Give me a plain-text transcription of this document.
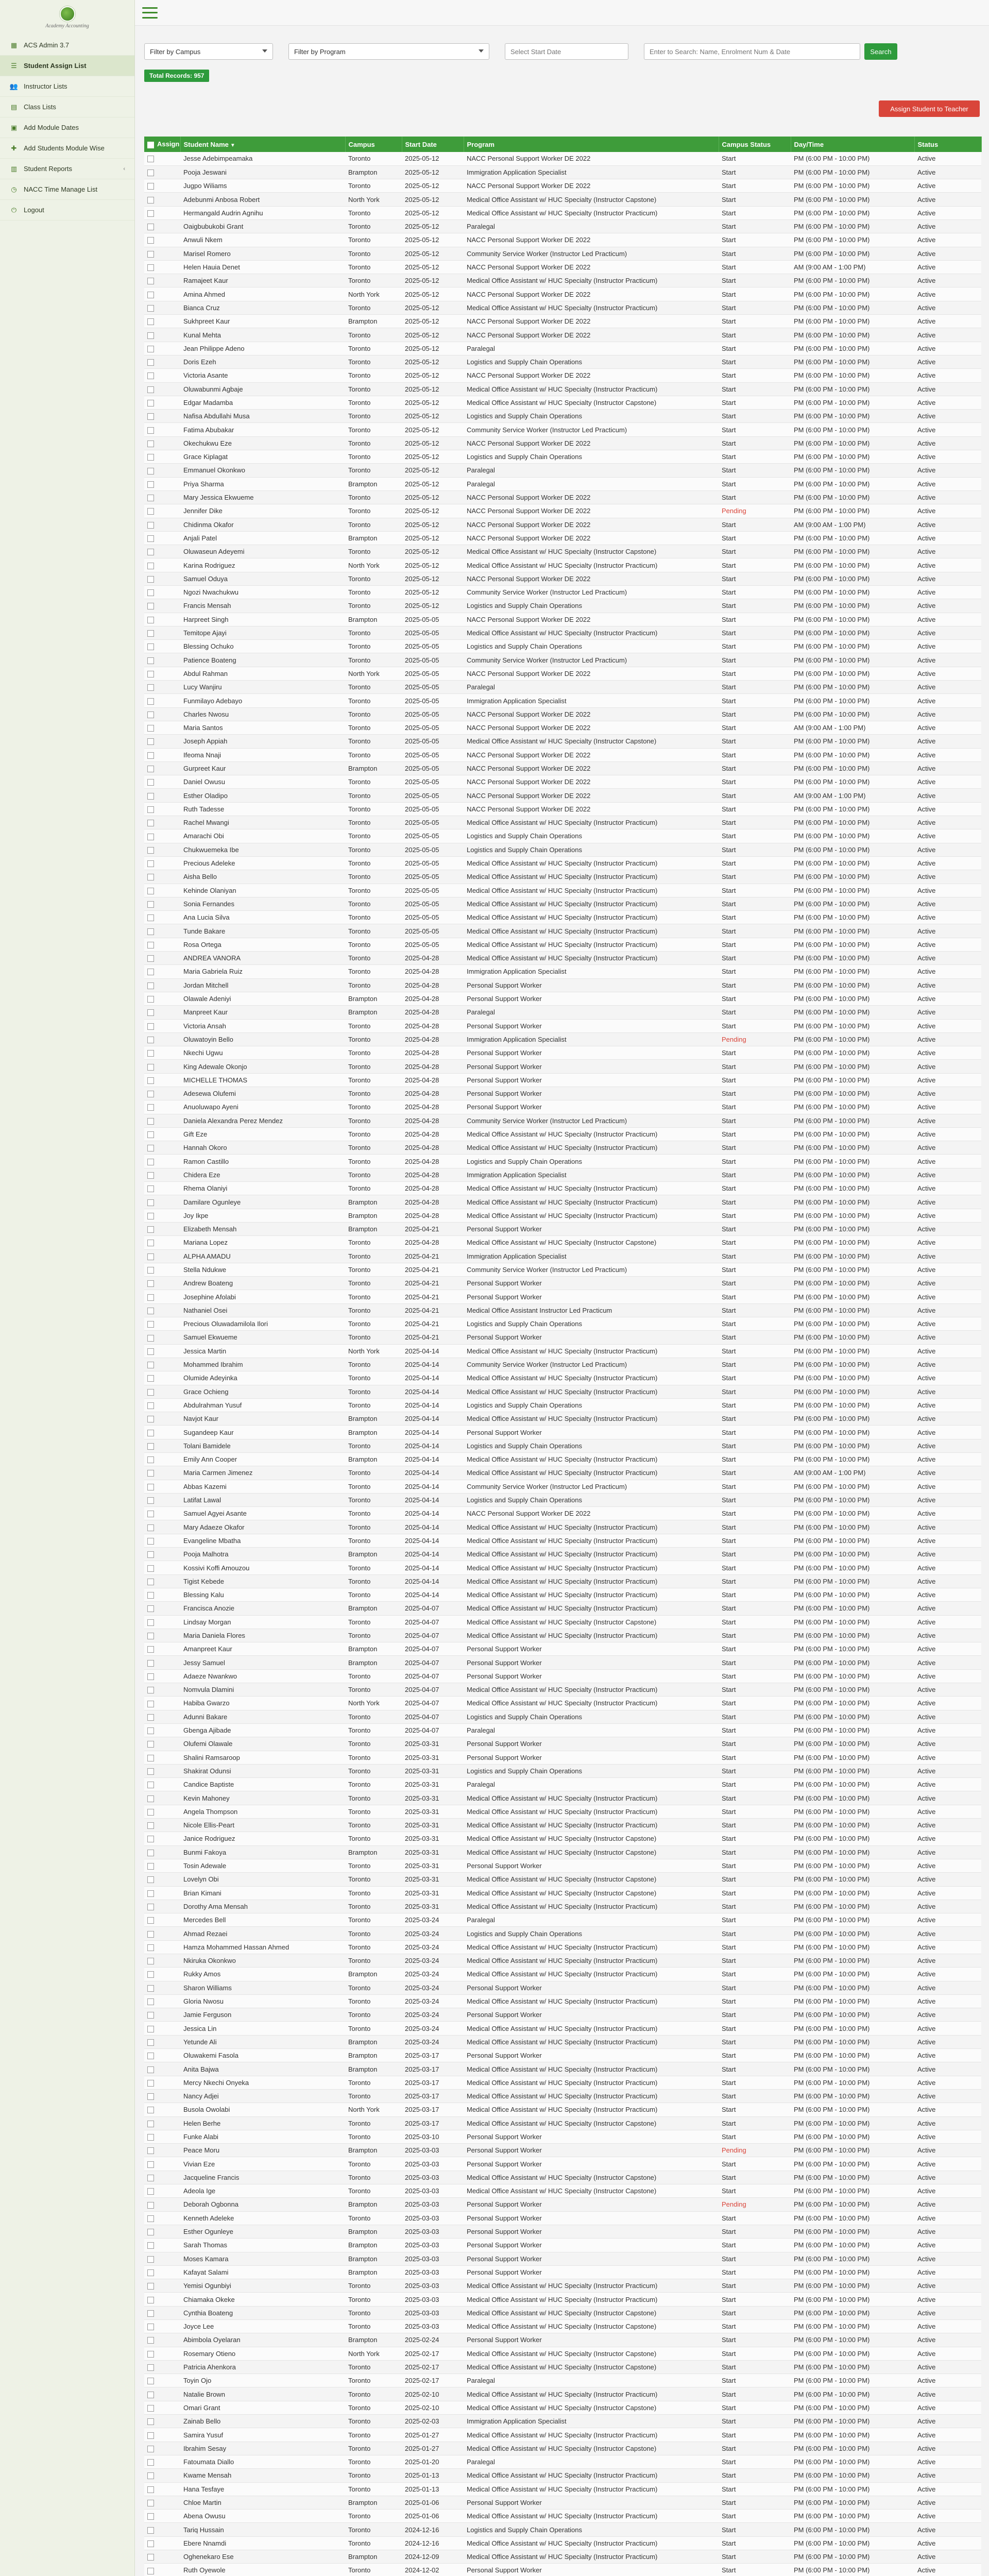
Academy Accounting
▦ ACS Admin 3.7
☰ Student Assign List
👥 Instructor Lists
▤ Class Lists
▣ Add Module Dates
✚ Add Students Module Wise
▥ Student Reports	‹
◷ NACC Time Manage List
⏻ Logout
Filter by Campus	Filter by Program
Select Start Date
Enter to Search: Name, Enrolment Num & Date	Search
Total Records: 957
Assign Student to Teacher
Assign	Student Name ▼	Campus	Start Date	Program	Campus Status	Day/Time	Status
	Jesse Adebimpeamaka	Toronto	2025-05-12	NACC Personal Support Worker DE 2022	Start	PM (6:00 PM - 10:00 PM)	Active
	Pooja Jeswani	Brampton	2025-05-12	Immigration Application Specialist	Start	PM (6:00 PM - 10:00 PM)	Active
	Jugpo Wiliams	Toronto	2025-05-12	NACC Personal Support Worker DE 2022	Start	PM (6:00 PM - 10:00 PM)	Active
	Adebunmi Anbosa Robert	North York	2025-05-12	Medical Office Assistant w/ HUC Specialty (Instructor Capstone)	Start	PM (6:00 PM - 10:00 PM)	Active
	Hermangald Audrin Agnihu	Toronto	2025-05-12	Medical Office Assistant w/ HUC Specialty (Instructor Practicum)	Start	PM (6:00 PM - 10:00 PM)	Active
	Oaigbubukobi Grant	Toronto	2025-05-12	Paralegal	Start	PM (6:00 PM - 10:00 PM)	Active
	Anwuli Nkem	Toronto	2025-05-12	NACC Personal Support Worker DE 2022	Start	PM (6:00 PM - 10:00 PM)	Active
	Marisel Romero	Toronto	2025-05-12	Community Service Worker (Instructor Led Practicum)	Start	PM (6:00 PM - 10:00 PM)	Active
	Helen Hauia Denet	Toronto	2025-05-12	NACC Personal Support Worker DE 2022	Start	AM (9:00 AM - 1:00 PM)	Active
	Ramajeet Kaur	Toronto	2025-05-12	Medical Office Assistant w/ HUC Specialty (Instructor Practicum)	Start	PM (6:00 PM - 10:00 PM)	Active
	Amina Ahmed	North York	2025-05-12	NACC Personal Support Worker DE 2022	Start	PM (6:00 PM - 10:00 PM)	Active
	Bianca Cruz	Toronto	2025-05-12	Medical Office Assistant w/ HUC Specialty (Instructor Practicum)	Start	PM (6:00 PM - 10:00 PM)	Active
	Sukhpreet Kaur	Brampton	2025-05-12	NACC Personal Support Worker DE 2022	Start	PM (6:00 PM - 10:00 PM)	Active
	Kunal Mehta	Toronto	2025-05-12	NACC Personal Support Worker DE 2022	Start	PM (6:00 PM - 10:00 PM)	Active
	Jean Philippe Adeno	Toronto	2025-05-12	Paralegal	Start	PM (6:00 PM - 10:00 PM)	Active
	Doris Ezeh	Toronto	2025-05-12	Logistics and Supply Chain Operations	Start	PM (6:00 PM - 10:00 PM)	Active
	Victoria Asante	Toronto	2025-05-12	NACC Personal Support Worker DE 2022	Start	PM (6:00 PM - 10:00 PM)	Active
	Oluwabunmi Agbaje	Toronto	2025-05-12	Medical Office Assistant w/ HUC Specialty (Instructor Practicum)	Start	PM (6:00 PM - 10:00 PM)	Active
	Edgar Madamba	Toronto	2025-05-12	Medical Office Assistant w/ HUC Specialty (Instructor Capstone)	Start	PM (6:00 PM - 10:00 PM)	Active
	Nafisa Abdullahi Musa	Toronto	2025-05-12	Logistics and Supply Chain Operations	Start	PM (6:00 PM - 10:00 PM)	Active
	Fatima Abubakar	Toronto	2025-05-12	Community Service Worker (Instructor Led Practicum)	Start	PM (6:00 PM - 10:00 PM)	Active
	Okechukwu Eze	Toronto	2025-05-12	NACC Personal Support Worker DE 2022	Start	PM (6:00 PM - 10:00 PM)	Active
	Grace Kiplagat	Toronto	2025-05-12	Logistics and Supply Chain Operations	Start	PM (6:00 PM - 10:00 PM)	Active
	Emmanuel Okonkwo	Toronto	2025-05-12	Paralegal	Start	PM (6:00 PM - 10:00 PM)	Active
	Priya Sharma	Brampton	2025-05-12	Paralegal	Start	PM (6:00 PM - 10:00 PM)	Active
	Mary Jessica Ekwueme	Toronto	2025-05-12	NACC Personal Support Worker DE 2022	Start	PM (6:00 PM - 10:00 PM)	Active
	Jennifer Dike	Toronto	2025-05-12	NACC Personal Support Worker DE 2022	Pending	PM (6:00 PM - 10:00 PM)	Active
	Chidinma Okafor	Toronto	2025-05-12	NACC Personal Support Worker DE 2022	Start	AM (9:00 AM - 1:00 PM)	Active
	Anjali Patel	Brampton	2025-05-12	NACC Personal Support Worker DE 2022	Start	PM (6:00 PM - 10:00 PM)	Active
	Oluwaseun Adeyemi	Toronto	2025-05-12	Medical Office Assistant w/ HUC Specialty (Instructor Capstone)	Start	PM (6:00 PM - 10:00 PM)	Active
	Karina Rodriguez	North York	2025-05-12	Medical Office Assistant w/ HUC Specialty (Instructor Practicum)	Start	PM (6:00 PM - 10:00 PM)	Active
	Samuel Oduya	Toronto	2025-05-12	NACC Personal Support Worker DE 2022	Start	PM (6:00 PM - 10:00 PM)	Active
	Ngozi Nwachukwu	Toronto	2025-05-12	Community Service Worker (Instructor Led Practicum)	Start	PM (6:00 PM - 10:00 PM)	Active
	Francis Mensah	Toronto	2025-05-12	Logistics and Supply Chain Operations	Start	PM (6:00 PM - 10:00 PM)	Active
	Harpreet Singh	Brampton	2025-05-05	NACC Personal Support Worker DE 2022	Start	PM (6:00 PM - 10:00 PM)	Active
	Temitope Ajayi	Toronto	2025-05-05	Medical Office Assistant w/ HUC Specialty (Instructor Practicum)	Start	PM (6:00 PM - 10:00 PM)	Active
	Blessing Ochuko	Toronto	2025-05-05	Logistics and Supply Chain Operations	Start	PM (6:00 PM - 10:00 PM)	Active
	Patience Boateng	Toronto	2025-05-05	Community Service Worker (Instructor Led Practicum)	Start	PM (6:00 PM - 10:00 PM)	Active
	Abdul Rahman	North York	2025-05-05	NACC Personal Support Worker DE 2022	Start	PM (6:00 PM - 10:00 PM)	Active
	Lucy Wanjiru	Toronto	2025-05-05	Paralegal	Start	PM (6:00 PM - 10:00 PM)	Active
	Funmilayo Adebayo	Toronto	2025-05-05	Immigration Application Specialist	Start	PM (6:00 PM - 10:00 PM)	Active
	Charles Nwosu	Toronto	2025-05-05	NACC Personal Support Worker DE 2022	Start	PM (6:00 PM - 10:00 PM)	Active
	Maria Santos	Toronto	2025-05-05	NACC Personal Support Worker DE 2022	Start	AM (9:00 AM - 1:00 PM)	Active
	Joseph Appiah	Toronto	2025-05-05	Medical Office Assistant w/ HUC Specialty (Instructor Capstone)	Start	PM (6:00 PM - 10:00 PM)	Active
	Ifeoma Nnaji	Toronto	2025-05-05	NACC Personal Support Worker DE 2022	Start	PM (6:00 PM - 10:00 PM)	Active
	Gurpreet Kaur	Brampton	2025-05-05	NACC Personal Support Worker DE 2022	Start	PM (6:00 PM - 10:00 PM)	Active
	Daniel Owusu	Toronto	2025-05-05	NACC Personal Support Worker DE 2022	Start	PM (6:00 PM - 10:00 PM)	Active
	Esther Oladipo	Toronto	2025-05-05	NACC Personal Support Worker DE 2022	Start	AM (9:00 AM - 1:00 PM)	Active
	Ruth Tadesse	Toronto	2025-05-05	NACC Personal Support Worker DE 2022	Start	PM (6:00 PM - 10:00 PM)	Active
	Rachel Mwangi	Toronto	2025-05-05	Medical Office Assistant w/ HUC Specialty (Instructor Practicum)	Start	PM (6:00 PM - 10:00 PM)	Active
	Amarachi Obi	Toronto	2025-05-05	Logistics and Supply Chain Operations	Start	PM (6:00 PM - 10:00 PM)	Active
	Chukwuemeka Ibe	Toronto	2025-05-05	Logistics and Supply Chain Operations	Start	PM (6:00 PM - 10:00 PM)	Active
	Precious Adeleke	Toronto	2025-05-05	Medical Office Assistant w/ HUC Specialty (Instructor Practicum)	Start	PM (6:00 PM - 10:00 PM)	Active
	Aisha Bello	Toronto	2025-05-05	Medical Office Assistant w/ HUC Specialty (Instructor Practicum)	Start	PM (6:00 PM - 10:00 PM)	Active
	Kehinde Olaniyan	Toronto	2025-05-05	Medical Office Assistant w/ HUC Specialty (Instructor Practicum)	Start	PM (6:00 PM - 10:00 PM)	Active
	Sonia Fernandes	Toronto	2025-05-05	Medical Office Assistant w/ HUC Specialty (Instructor Practicum)	Start	PM (6:00 PM - 10:00 PM)	Active
	Ana Lucia Silva	Toronto	2025-05-05	Medical Office Assistant w/ HUC Specialty (Instructor Practicum)	Start	PM (6:00 PM - 10:00 PM)	Active
	Tunde Bakare	Toronto	2025-05-05	Medical Office Assistant w/ HUC Specialty (Instructor Practicum)	Start	PM (6:00 PM - 10:00 PM)	Active
	Rosa Ortega	Toronto	2025-05-05	Medical Office Assistant w/ HUC Specialty (Instructor Practicum)	Start	PM (6:00 PM - 10:00 PM)	Active
	ANDREA VANORA	Toronto	2025-04-28	Medical Office Assistant w/ HUC Specialty (Instructor Practicum)	Start	PM (6:00 PM - 10:00 PM)	Active
	Maria Gabriela Ruiz	Toronto	2025-04-28	Immigration Application Specialist	Start	PM (6:00 PM - 10:00 PM)	Active
	Jordan Mitchell	Toronto	2025-04-28	Personal Support Worker	Start	PM (6:00 PM - 10:00 PM)	Active
	Olawale Adeniyi	Brampton	2025-04-28	Personal Support Worker	Start	PM (6:00 PM - 10:00 PM)	Active
	Manpreet Kaur	Brampton	2025-04-28	Paralegal	Start	PM (6:00 PM - 10:00 PM)	Active
	Victoria Ansah	Toronto	2025-04-28	Personal Support Worker	Start	PM (6:00 PM - 10:00 PM)	Active
	Oluwatoyin Bello	Toronto	2025-04-28	Immigration Application Specialist	Pending	PM (6:00 PM - 10:00 PM)	Active
	Nkechi Ugwu	Toronto	2025-04-28	Personal Support Worker	Start	PM (6:00 PM - 10:00 PM)	Active
	King Adewale Okonjo	Toronto	2025-04-28	Personal Support Worker	Start	PM (6:00 PM - 10:00 PM)	Active
	MICHELLE THOMAS	Toronto	2025-04-28	Personal Support Worker	Start	PM (6:00 PM - 10:00 PM)	Active
	Adesewa Olufemi	Toronto	2025-04-28	Personal Support Worker	Start	PM (6:00 PM - 10:00 PM)	Active
	Anuoluwapo Ayeni	Toronto	2025-04-28	Personal Support Worker	Start	PM (6:00 PM - 10:00 PM)	Active
	Daniela Alexandra Perez Mendez	Toronto	2025-04-28	Community Service Worker (Instructor Led Practicum)	Start	PM (6:00 PM - 10:00 PM)	Active
	Gift Eze	Toronto	2025-04-28	Medical Office Assistant w/ HUC Specialty (Instructor Practicum)	Start	PM (6:00 PM - 10:00 PM)	Active
	Hannah Okoro	Toronto	2025-04-28	Medical Office Assistant w/ HUC Specialty (Instructor Practicum)	Start	PM (6:00 PM - 10:00 PM)	Active
	Ramon Castillo	Toronto	2025-04-28	Logistics and Supply Chain Operations	Start	PM (6:00 PM - 10:00 PM)	Active
	Chidera Eze	Toronto	2025-04-28	Immigration Application Specialist	Start	PM (6:00 PM - 10:00 PM)	Active
	Rhema Olaniyi	Toronto	2025-04-28	Medical Office Assistant w/ HUC Specialty (Instructor Practicum)	Start	PM (6:00 PM - 10:00 PM)	Active
	Damilare Ogunleye	Brampton	2025-04-28	Medical Office Assistant w/ HUC Specialty (Instructor Practicum)	Start	PM (6:00 PM - 10:00 PM)	Active
	Joy Ikpe	Brampton	2025-04-28	Medical Office Assistant w/ HUC Specialty (Instructor Practicum)	Start	PM (6:00 PM - 10:00 PM)	Active
	Elizabeth Mensah	Brampton	2025-04-21	Personal Support Worker	Start	PM (6:00 PM - 10:00 PM)	Active
	Mariana Lopez	Toronto	2025-04-28	Medical Office Assistant w/ HUC Specialty (Instructor Capstone)	Start	PM (6:00 PM - 10:00 PM)	Active
	ALPHA AMADU	Toronto	2025-04-21	Immigration Application Specialist	Start	PM (6:00 PM - 10:00 PM)	Active
	Stella Ndukwe	Toronto	2025-04-21	Community Service Worker (Instructor Led Practicum)	Start	PM (6:00 PM - 10:00 PM)	Active
	Andrew Boateng	Toronto	2025-04-21	Personal Support Worker	Start	PM (6:00 PM - 10:00 PM)	Active
	Josephine Afolabi	Toronto	2025-04-21	Personal Support Worker	Start	PM (6:00 PM - 10:00 PM)	Active
	Nathaniel Osei	Toronto	2025-04-21	Medical Office Assistant Instructor Led Practicum	Start	PM (6:00 PM - 10:00 PM)	Active
	Precious Oluwadamilola Ilori	Toronto	2025-04-21	Logistics and Supply Chain Operations	Start	PM (6:00 PM - 10:00 PM)	Active
	Samuel Ekwueme	Toronto	2025-04-21	Personal Support Worker	Start	PM (6:00 PM - 10:00 PM)	Active
	Jessica Martin	North York	2025-04-14	Medical Office Assistant w/ HUC Specialty (Instructor Practicum)	Start	PM (6:00 PM - 10:00 PM)	Active
	Mohammed Ibrahim	Toronto	2025-04-14	Community Service Worker (Instructor Led Practicum)	Start	PM (6:00 PM - 10:00 PM)	Active
	Olumide Adeyinka	Toronto	2025-04-14	Medical Office Assistant w/ HUC Specialty (Instructor Practicum)	Start	PM (6:00 PM - 10:00 PM)	Active
	Grace Ochieng	Toronto	2025-04-14	Medical Office Assistant w/ HUC Specialty (Instructor Practicum)	Start	PM (6:00 PM - 10:00 PM)	Active
	Abdulrahman Yusuf	Toronto	2025-04-14	Logistics and Supply Chain Operations	Start	PM (6:00 PM - 10:00 PM)	Active
	Navjot Kaur	Brampton	2025-04-14	Medical Office Assistant w/ HUC Specialty (Instructor Practicum)	Start	PM (6:00 PM - 10:00 PM)	Active
	Sugandeep Kaur	Brampton	2025-04-14	Personal Support Worker	Start	PM (6:00 PM - 10:00 PM)	Active
	Tolani Bamidele	Toronto	2025-04-14	Logistics and Supply Chain Operations	Start	PM (6:00 PM - 10:00 PM)	Active
	Emily Ann Cooper	Brampton	2025-04-14	Medical Office Assistant w/ HUC Specialty (Instructor Practicum)	Start	PM (6:00 PM - 10:00 PM)	Active
	Maria Carmen Jimenez	Toronto	2025-04-14	Medical Office Assistant w/ HUC Specialty (Instructor Practicum)	Start	AM (9:00 AM - 1:00 PM)	Active
	Abbas Kazemi	Toronto	2025-04-14	Community Service Worker (Instructor Led Practicum)	Start	PM (6:00 PM - 10:00 PM)	Active
	Latifat Lawal	Toronto	2025-04-14	Logistics and Supply Chain Operations	Start	PM (6:00 PM - 10:00 PM)	Active
	Samuel Agyei Asante	Toronto	2025-04-14	NACC Personal Support Worker DE 2022	Start	PM (6:00 PM - 10:00 PM)	Active
	Mary Adaeze Okafor	Toronto	2025-04-14	Medical Office Assistant w/ HUC Specialty (Instructor Practicum)	Start	PM (6:00 PM - 10:00 PM)	Active
	Evangeline Mbatha	Toronto	2025-04-14	Medical Office Assistant w/ HUC Specialty (Instructor Practicum)	Start	PM (6:00 PM - 10:00 PM)	Active
	Pooja Malhotra	Brampton	2025-04-14	Medical Office Assistant w/ HUC Specialty (Instructor Practicum)	Start	PM (6:00 PM - 10:00 PM)	Active
	Kossivi Koffi Amouzou	Toronto	2025-04-14	Medical Office Assistant w/ HUC Specialty (Instructor Practicum)	Start	PM (6:00 PM - 10:00 PM)	Active
	Tigist Kebede	Toronto	2025-04-14	Medical Office Assistant w/ HUC Specialty (Instructor Practicum)	Start	PM (6:00 PM - 10:00 PM)	Active
	Blessing Kalu	Toronto	2025-04-14	Medical Office Assistant w/ HUC Specialty (Instructor Practicum)	Start	PM (6:00 PM - 10:00 PM)	Active
	Francisca Anozie	Brampton	2025-04-07	Medical Office Assistant w/ HUC Specialty (Instructor Practicum)	Start	PM (6:00 PM - 10:00 PM)	Active
	Lindsay Morgan	Toronto	2025-04-07	Medical Office Assistant w/ HUC Specialty (Instructor Capstone)	Start	PM (6:00 PM - 10:00 PM)	Active
	Maria Daniela Flores	Toronto	2025-04-07	Medical Office Assistant w/ HUC Specialty (Instructor Practicum)	Start	PM (6:00 PM - 10:00 PM)	Active
	Amanpreet Kaur	Brampton	2025-04-07	Personal Support Worker	Start	PM (6:00 PM - 10:00 PM)	Active
	Jessy Samuel	Brampton	2025-04-07	Personal Support Worker	Start	PM (6:00 PM - 10:00 PM)	Active
	Adaeze Nwankwo	Toronto	2025-04-07	Personal Support Worker	Start	PM (6:00 PM - 10:00 PM)	Active
	Nomvula Dlamini	Toronto	2025-04-07	Medical Office Assistant w/ HUC Specialty (Instructor Practicum)	Start	PM (6:00 PM - 10:00 PM)	Active
	Habiba Gwarzo	North York	2025-04-07	Medical Office Assistant w/ HUC Specialty (Instructor Practicum)	Start	PM (6:00 PM - 10:00 PM)	Active
	Adunni Bakare	Toronto	2025-04-07	Logistics and Supply Chain Operations	Start	PM (6:00 PM - 10:00 PM)	Active
	Gbenga Ajibade	Toronto	2025-04-07	Paralegal	Start	PM (6:00 PM - 10:00 PM)	Active
	Olufemi Olawale	Toronto	2025-03-31	Personal Support Worker	Start	PM (6:00 PM - 10:00 PM)	Active
	Shalini Ramsaroop	Toronto	2025-03-31	Personal Support Worker	Start	PM (6:00 PM - 10:00 PM)	Active
	Shakirat Odunsi	Toronto	2025-03-31	Logistics and Supply Chain Operations	Start	PM (6:00 PM - 10:00 PM)	Active
	Candice Baptiste	Toronto	2025-03-31	Paralegal	Start	PM (6:00 PM - 10:00 PM)	Active
	Kevin Mahoney	Toronto	2025-03-31	Medical Office Assistant w/ HUC Specialty (Instructor Practicum)	Start	PM (6:00 PM - 10:00 PM)	Active
	Angela Thompson	Toronto	2025-03-31	Medical Office Assistant w/ HUC Specialty (Instructor Practicum)	Start	PM (6:00 PM - 10:00 PM)	Active
	Nicole Ellis-Peart	Toronto	2025-03-31	Medical Office Assistant w/ HUC Specialty (Instructor Practicum)	Start	PM (6:00 PM - 10:00 PM)	Active
	Janice Rodriguez	Toronto	2025-03-31	Medical Office Assistant w/ HUC Specialty (Instructor Capstone)	Start	PM (6:00 PM - 10:00 PM)	Active
	Bunmi Fakoya	Brampton	2025-03-31	Medical Office Assistant w/ HUC Specialty (Instructor Capstone)	Start	PM (6:00 PM - 10:00 PM)	Active
	Tosin Adewale	Toronto	2025-03-31	Personal Support Worker	Start	PM (6:00 PM - 10:00 PM)	Active
	Lovelyn Obi	Toronto	2025-03-31	Medical Office Assistant w/ HUC Specialty (Instructor Capstone)	Start	PM (6:00 PM - 10:00 PM)	Active
	Brian Kimani	Toronto	2025-03-31	Medical Office Assistant w/ HUC Specialty (Instructor Capstone)	Start	PM (6:00 PM - 10:00 PM)	Active
	Dorothy Ama Mensah	Toronto	2025-03-31	Medical Office Assistant w/ HUC Specialty (Instructor Practicum)	Start	PM (6:00 PM - 10:00 PM)	Active
	Mercedes Bell	Toronto	2025-03-24	Paralegal	Start	PM (6:00 PM - 10:00 PM)	Active
	Ahmad Rezaei	Toronto	2025-03-24	Logistics and Supply Chain Operations	Start	PM (6:00 PM - 10:00 PM)	Active
	Hamza Mohammed Hassan Ahmed	Toronto	2025-03-24	Medical Office Assistant w/ HUC Specialty (Instructor Practicum)	Start	PM (6:00 PM - 10:00 PM)	Active
	Nkiruka Okonkwo	Toronto	2025-03-24	Medical Office Assistant w/ HUC Specialty (Instructor Practicum)	Start	PM (6:00 PM - 10:00 PM)	Active
	Rukky Amos	Brampton	2025-03-24	Medical Office Assistant w/ HUC Specialty (Instructor Practicum)	Start	PM (6:00 PM - 10:00 PM)	Active
	Sharon Williams	Toronto	2025-03-24	Personal Support Worker	Start	PM (6:00 PM - 10:00 PM)	Active
	Gloria Nwosu	Toronto	2025-03-24	Medical Office Assistant w/ HUC Specialty (Instructor Practicum)	Start	PM (6:00 PM - 10:00 PM)	Active
	Jamie Ferguson	Toronto	2025-03-24	Personal Support Worker	Start	PM (6:00 PM - 10:00 PM)	Active
	Jessica Lin	Toronto	2025-03-24	Medical Office Assistant w/ HUC Specialty (Instructor Practicum)	Start	PM (6:00 PM - 10:00 PM)	Active
	Yetunde Ali	Brampton	2025-03-24	Medical Office Assistant w/ HUC Specialty (Instructor Practicum)	Start	PM (6:00 PM - 10:00 PM)	Active
	Oluwakemi Fasola	Brampton	2025-03-17	Personal Support Worker	Start	PM (6:00 PM - 10:00 PM)	Active
	Anita Bajwa	Brampton	2025-03-17	Medical Office Assistant w/ HUC Specialty (Instructor Practicum)	Start	PM (6:00 PM - 10:00 PM)	Active
	Mercy Nkechi Onyeka	Toronto	2025-03-17	Medical Office Assistant w/ HUC Specialty (Instructor Practicum)	Start	PM (6:00 PM - 10:00 PM)	Active
	Nancy Adjei	Toronto	2025-03-17	Medical Office Assistant w/ HUC Specialty (Instructor Practicum)	Start	PM (6:00 PM - 10:00 PM)	Active
	Busola Owolabi	North York	2025-03-17	Medical Office Assistant w/ HUC Specialty (Instructor Practicum)	Start	PM (6:00 PM - 10:00 PM)	Active
	Helen Berhe	Toronto	2025-03-17	Medical Office Assistant w/ HUC Specialty (Instructor Capstone)	Start	PM (6:00 PM - 10:00 PM)	Active
	Funke Alabi	Toronto	2025-03-10	Personal Support Worker	Start	PM (6:00 PM - 10:00 PM)	Active
	Peace Moru	Brampton	2025-03-03	Personal Support Worker	Pending	PM (6:00 PM - 10:00 PM)	Active
	Vivian Eze	Toronto	2025-03-03	Personal Support Worker	Start	PM (6:00 PM - 10:00 PM)	Active
	Jacqueline Francis	Toronto	2025-03-03	Medical Office Assistant w/ HUC Specialty (Instructor Capstone)	Start	PM (6:00 PM - 10:00 PM)	Active
	Adeola Ige	Toronto	2025-03-03	Medical Office Assistant w/ HUC Specialty (Instructor Capstone)	Start	PM (6:00 PM - 10:00 PM)	Active
	Deborah Ogbonna	Brampton	2025-03-03	Personal Support Worker	Pending	PM (6:00 PM - 10:00 PM)	Active
	Kenneth Adeleke	Toronto	2025-03-03	Personal Support Worker	Start	PM (6:00 PM - 10:00 PM)	Active
	Esther Ogunleye	Brampton	2025-03-03	Personal Support Worker	Start	PM (6:00 PM - 10:00 PM)	Active
	Sarah Thomas	Brampton	2025-03-03	Personal Support Worker	Start	PM (6:00 PM - 10:00 PM)	Active
	Moses Kamara	Brampton	2025-03-03	Personal Support Worker	Start	PM (6:00 PM - 10:00 PM)	Active
	Kafayat Salami	Brampton	2025-03-03	Personal Support Worker	Start	PM (6:00 PM - 10:00 PM)	Active
	Yemisi Ogunbiyi	Toronto	2025-03-03	Medical Office Assistant w/ HUC Specialty (Instructor Practicum)	Start	PM (6:00 PM - 10:00 PM)	Active
	Chiamaka Okeke	Toronto	2025-03-03	Medical Office Assistant w/ HUC Specialty (Instructor Practicum)	Start	PM (6:00 PM - 10:00 PM)	Active
	Cynthia Boateng	Toronto	2025-03-03	Medical Office Assistant w/ HUC Specialty (Instructor Capstone)	Start	PM (6:00 PM - 10:00 PM)	Active
	Joyce Lee	Toronto	2025-03-03	Medical Office Assistant w/ HUC Specialty (Instructor Capstone)	Start	PM (6:00 PM - 10:00 PM)	Active
	Abimbola Oyelaran	Brampton	2025-02-24	Personal Support Worker	Start	PM (6:00 PM - 10:00 PM)	Active
	Rosemary Otieno	North York	2025-02-17	Medical Office Assistant w/ HUC Specialty (Instructor Capstone)	Start	PM (6:00 PM - 10:00 PM)	Active
	Patricia Ahenkora	Toronto	2025-02-17	Medical Office Assistant w/ HUC Specialty (Instructor Capstone)	Start	PM (6:00 PM - 10:00 PM)	Active
	Toyin Ojo	Toronto	2025-02-17	Paralegal	Start	PM (6:00 PM - 10:00 PM)	Active
	Natalie Brown	Toronto	2025-02-10	Medical Office Assistant w/ HUC Specialty (Instructor Practicum)	Start	PM (6:00 PM - 10:00 PM)	Active
	Omari Grant	Toronto	2025-02-10	Medical Office Assistant w/ HUC Specialty (Instructor Capstone)	Start	PM (6:00 PM - 10:00 PM)	Active
	Zainab Bello	Toronto	2025-02-03	Immigration Application Specialist	Start	PM (6:00 PM - 10:00 PM)	Active
	Samira Yusuf	Toronto	2025-01-27	Medical Office Assistant w/ HUC Specialty (Instructor Practicum)	Start	PM (6:00 PM - 10:00 PM)	Active
	Ibrahim Sesay	Toronto	2025-01-27	Medical Office Assistant w/ HUC Specialty (Instructor Capstone)	Start	PM (6:00 PM - 10:00 PM)	Active
	Fatoumata Diallo	Toronto	2025-01-20	Paralegal	Start	PM (6:00 PM - 10:00 PM)	Active
	Kwame Mensah	Toronto	2025-01-13	Medical Office Assistant w/ HUC Specialty (Instructor Practicum)	Start	PM (6:00 PM - 10:00 PM)	Active
	Hana Tesfaye	Toronto	2025-01-13	Medical Office Assistant w/ HUC Specialty (Instructor Practicum)	Start	PM (6:00 PM - 10:00 PM)	Active
	Chloe Martin	Brampton	2025-01-06	Personal Support Worker	Start	PM (6:00 PM - 10:00 PM)	Active
	Abena Owusu	Toronto	2025-01-06	Medical Office Assistant w/ HUC Specialty (Instructor Practicum)	Start	PM (6:00 PM - 10:00 PM)	Active
	Tariq Hussain	Toronto	2024-12-16	Logistics and Supply Chain Operations	Start	PM (6:00 PM - 10:00 PM)	Active
	Ebere Nnamdi	Toronto	2024-12-16	Medical Office Assistant w/ HUC Specialty (Instructor Practicum)	Start	PM (6:00 PM - 10:00 PM)	Active
	Oghenekaro Ese	Brampton	2024-12-09	Medical Office Assistant w/ HUC Specialty (Instructor Practicum)	Start	PM (6:00 PM - 10:00 PM)	Active
	Ruth Oyewole	Toronto	2024-12-02	Personal Support Worker	Start	PM (6:00 PM - 10:00 PM)	Active
